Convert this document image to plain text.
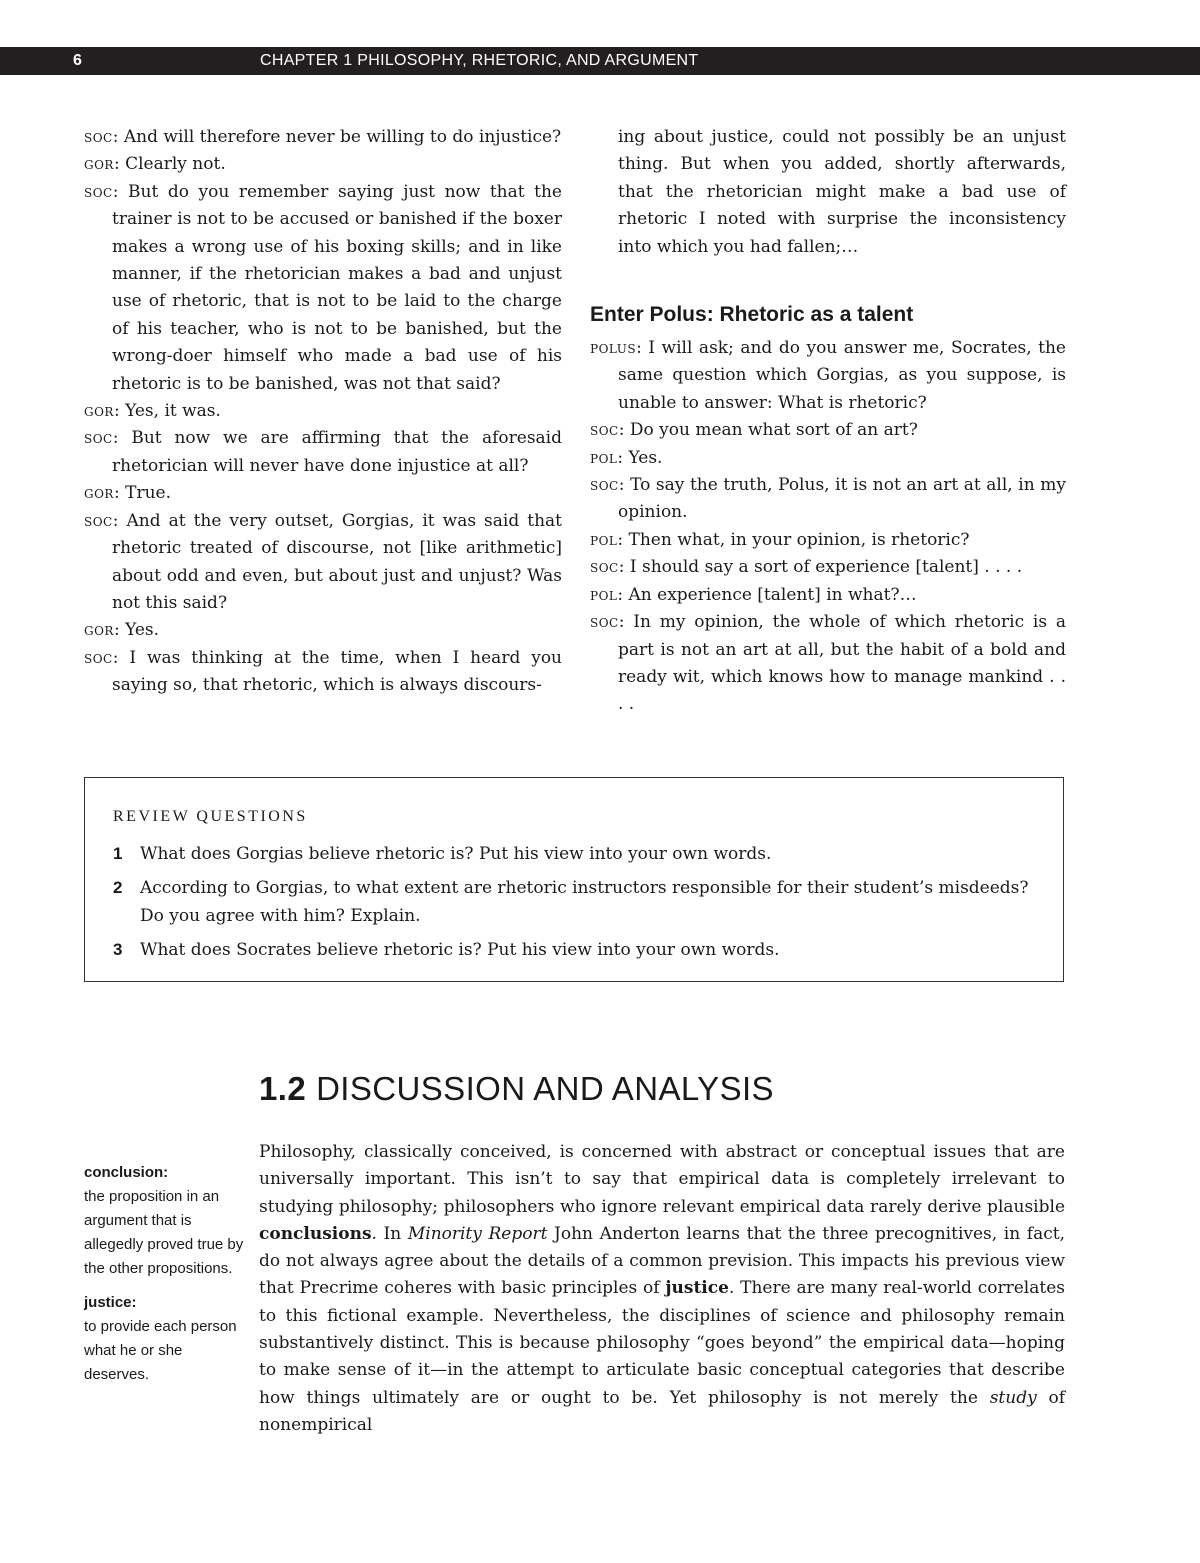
6	CHAPTER 1 PHILOSOPHY, RHETORIC, AND ARGUMENT

soc: And will therefore never be willing to do injustice?

gor: Clearly not.

soc: But do you remember saying just now that the trainer is not to be accused or banished if the boxer makes a wrong use of his boxing skills; and in like manner, if the rhetorician makes a bad and unjust use of rhetoric, that is not to be laid to the charge of his teacher, who is not to be banished, but the wrong-doer himself who made a bad use of his rhetoric is to be banished, was not that said?

gor: Yes, it was.

soc: But now we are affirming that the aforesaid rhetorician will never have done injustice at all?

gor: True.

soc: And at the very outset, Gorgias, it was said that rhetoric treated of discourse, not [like arithmetic] about odd and even, but about just and unjust? Was not this said?

gor: Yes.

soc: I was thinking at the time, when I heard you saying so, that rhetoric, which is always discours-

ing about justice, could not possibly be an unjust thing. But when you added, shortly afterwards, that the rhetorician might make a bad use of rhetoric I noted with surprise the inconsistency into which you had fallen;…

Enter Polus: Rhetoric as a talent

polus: I will ask; and do you answer me, Socrates, the same question which Gorgias, as you suppose, is unable to answer: What is rhetoric?

soc: Do you mean what sort of an art?

pol: Yes.

soc: To say the truth, Polus, it is not an art at all, in my opinion.

pol: Then what, in your opinion, is rhetoric?

soc: I should say a sort of experience [talent] . . . .

pol: An experience [talent] in what?…

soc: In my opinion, the whole of which rhetoric is a part is not an art at all, but the habit of a bold and ready wit, which knows how to manage mankind . . . .

REVIEW QUESTIONS
1 What does Gorgias believe rhetoric is? Put his view into your own words.
2 According to Gorgias, to what extent are rhetoric instructors responsible for their student’s misdeeds? Do you agree with him? Explain.
3 What does Socrates believe rhetoric is? Put his view into your own words.
1.2 DISCUSSION AND ANALYSIS
conclusion:
the proposition in an argument that is allegedly proved true by the other propositions.
justice:
to provide each person what he or she deserves.
Philosophy, classically conceived, is concerned with abstract or conceptual issues that are universally important. This isn’t to say that empirical data is completely irrelevant to studying philosophy; philosophers who ignore relevant empirical data rarely derive plausible conclusions. In Minority Report John Anderton learns that the three precognitives, in fact, do not always agree about the details of a common prevision. This impacts his previous view that Precrime coheres with basic principles of justice. There are many real-world correlates to this fictional example. Nevertheless, the disciplines of science and philosophy remain substantively distinct. This is because philosophy “goes beyond” the empirical data—hoping to make sense of it—in the attempt to articulate basic conceptual categories that describe how things ultimately are or ought to be. Yet philosophy is not merely the study of nonempirical
